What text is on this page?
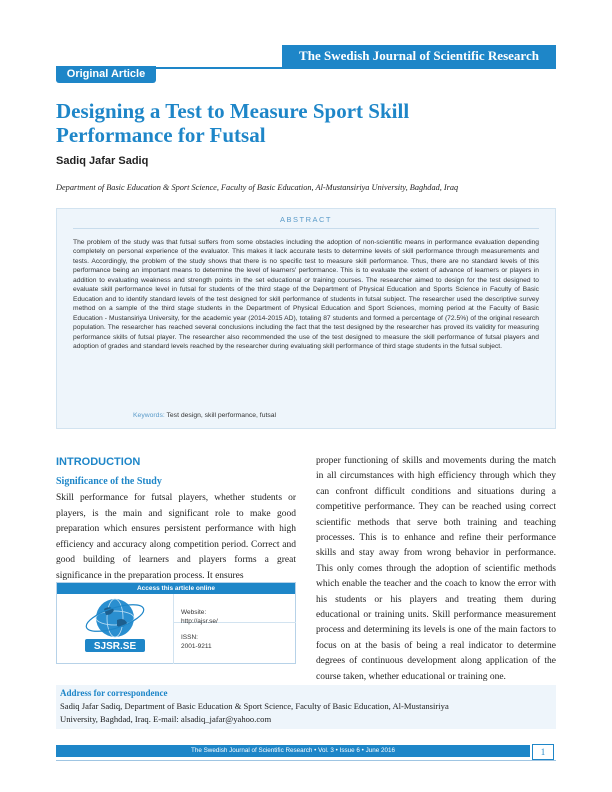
The Swedish Journal of Scientific Research
Original Article
Designing a Test to Measure Sport Skill
Performance for Futsal
Sadiq Jafar Sadiq
Department of Basic Education & Sport Science, Faculty of Basic Education, Al-Mustansiriya University, Baghdad, Iraq
ABSTRACT
The problem of the study was that futsal suffers from some obstacles including the adoption of non-scientific means in performance evaluation depending completely on personal experience of the evaluator. This makes it lack accurate tests to determine levels of skill performance through measurements and tests. Accordingly, the problem of the study shows that there is no specific test to measure skill performance. Thus, there are no standard levels of this performance being an important means to determine the level of learners' performance. This is to evaluate the extent of advance of learners or players in addition to evaluating weakness and strength points in the set educational or training courses. The researcher aimed to design for the test designed to evaluate skill performance level in futsal for students of the third stage of the Department of Physical Education and Sports Science in Faculty of Basic Education and to identify standard levels of the test designed for skill performance of students in futsal subject. The researcher used the descriptive survey method on a sample of the third stage students in the Department of Physical Education and Sport Sciences, morning period at the Faculty of Basic Education - Mustansiriya University, for the academic year (2014-2015 AD), totaling 87 students and formed a percentage of (72.5%) of the original research population. The researcher has reached several conclusions including the fact that the test designed by the researcher has proved its validity for measuring performance skills of futsal player. The researcher also recommended the use of the test designed to measure the skill performance of futsal players and adoption of grades and standard levels reached by the researcher during evaluating skill performance of third stage students in the futsal subject.
Keywords: Test design, skill performance, futsal
INTRODUCTION
Significance of the Study
Skill performance for futsal players, whether students or players, is the main and significant role to make good preparation which ensures persistent performance with high efficiency and accuracy along competition period. Correct and good building of learners and players forms a great significance in the preparation process. It ensures
Access this article online
SJSR.SE
Website:
http://ajsr.se/
ISSN:
2001-9211
proper functioning of skills and movements during the match in all circumstances with high efficiency through which they can confront difficult conditions and situations during a competitive performance. They can be reached using correct scientific methods that serve both training and teaching processes. This is to enhance and refine their performance skills and stay away from wrong behavior in performance. This only comes through the adoption of scientific methods which enable the teacher and the coach to know the error with his students or his players and treating them during educational or training units. Skill performance measurement process and determining its levels is one of the main factors to focus on at the basis of being a real indicator to determine degrees of continuous development along application of the course taken, whether educational or training one.
Address for correspondence
Sadiq Jafar Sadiq, Department of Basic Education & Sport Science, Faculty of Basic Education, Al-Mustansiriya
University, Baghdad, Iraq. E-mail: alsadiq_jafar@yahoo.com
The Swedish Journal of Scientific Research • Vol. 3 • Issue 6 • June 2016	1
